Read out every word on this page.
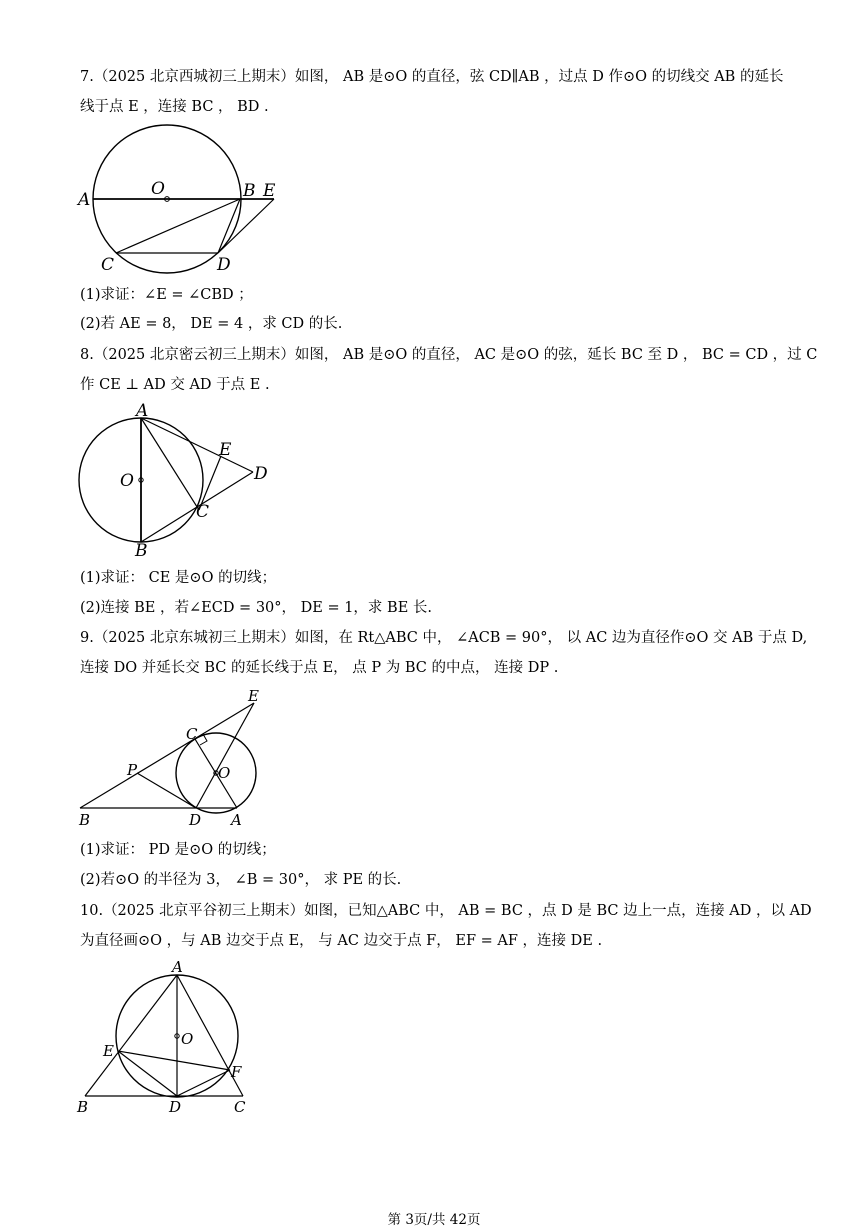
7.（2025 北京西城初三上期末）如图， AB 是⊙O 的直径，弦 CD∥AB ，过点 D 作⊙O 的切线交 AB 的延长
线于点 E ，连接 BC ， BD .
A
O	B E
C	D
A
E
D
O
C
B
E
C
P	O
B	D A
A
O
E
F
B	D	C
(1)求证：∠E = ∠CBD ；
(2)若 AE = 8， DE = 4 ，求 CD 的长.
8.（2025 北京密云初三上期末）如图， AB 是⊙O 的直径， AC 是⊙O 的弦，延长 BC 至 D ， BC = CD ，过 C
作 CE ⊥ AD 交 AD 于点 E .
(1)求证： CE 是⊙O 的切线；
(2)连接 BE ，若∠ECD = 30°， DE = 1，求 BE 长.
9.（2025 北京东城初三上期末）如图，在 Rt△ABC 中， ∠ACB = 90°， 以 AC 边为直径作⊙O 交 AB 于点 D,
连接 DO 并延长交 BC 的延长线于点 E， 点 P 为 BC 的中点， 连接 DP .
(1)求证： PD 是⊙O 的切线；
(2)若⊙O 的半径为 3， ∠B = 30°， 求 PE 的长.
10.（2025 北京平谷初三上期末）如图，已知△ABC 中， AB = BC ，点 D 是 BC 边上一点，连接 AD ，以 AD
为直径画⊙O ，与 AB 边交于点 E， 与 AC 边交于点 F， EF = AF ，连接 DE .
第 3页/共 42页
